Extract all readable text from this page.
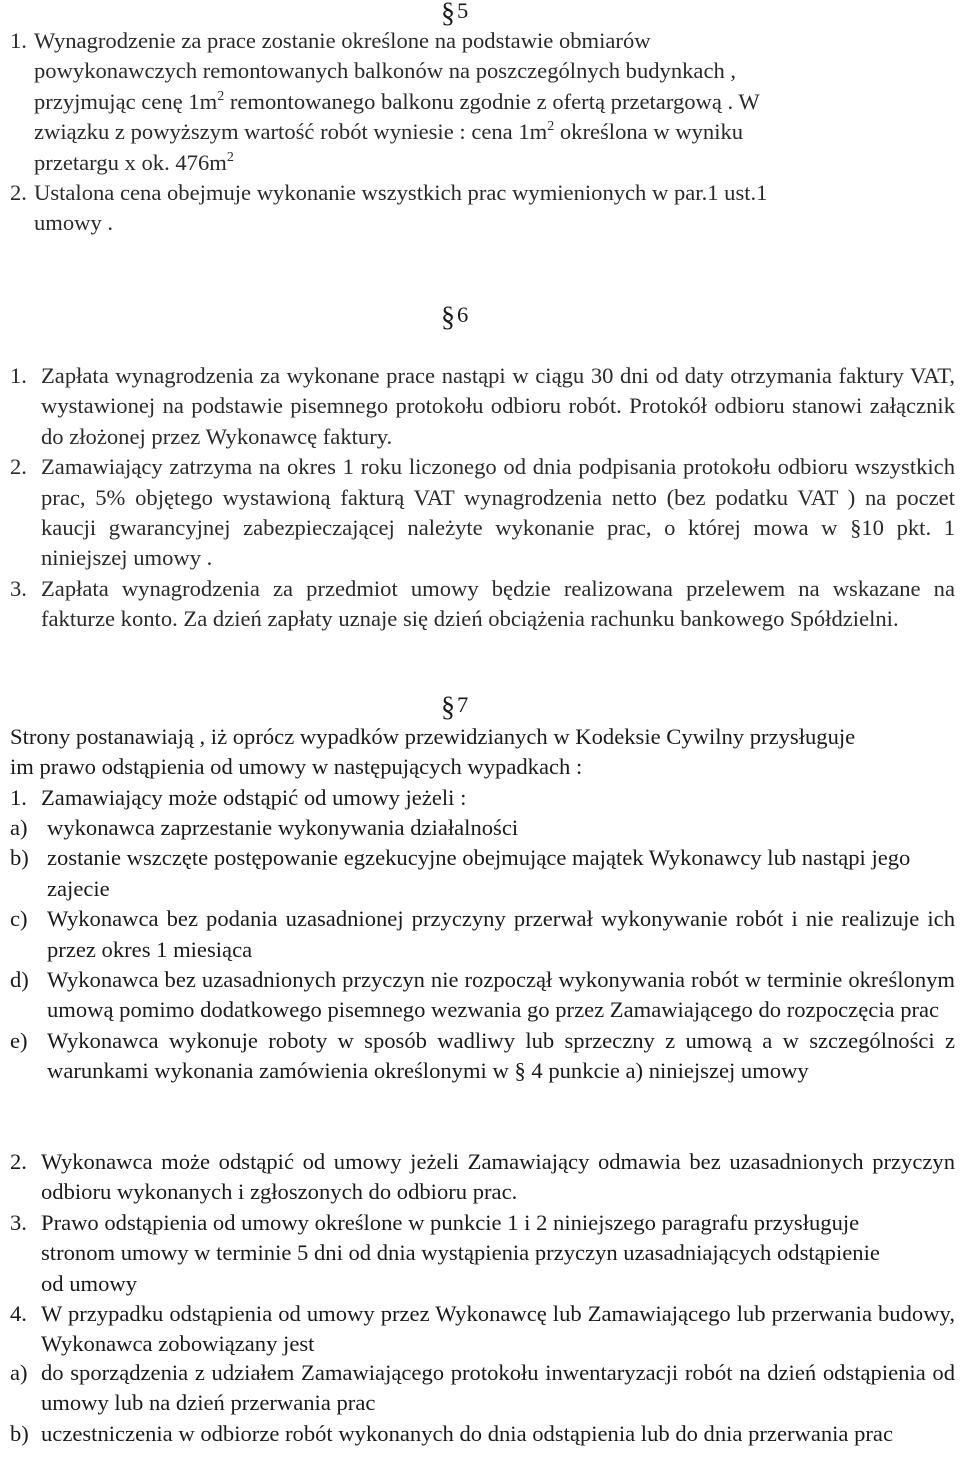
§5
1. Wynagrodzenie za prace zostanie określone na podstawie obmiarów powykonawczych remontowanych balkonów na poszczególnych budynkach , przyjmując cenę $1m^2$ remontowanego balkonu zgodnie z ofertą przetargową . W związku z powyższym wartość robót wyniesie : cena $1m^2$ określona w wyniku przetargu x ok. $476m^2$
2. Ustalona cena obejmuje wykonanie wszystkich prac wymienionych w par.1 ust.1 umowy .
§6
1. Zapłata wynagrodzenia za wykonane prace nastąpi w ciągu 30 dni od daty otrzymania faktury VAT, wystawionej na podstawie pisemnego protokołu odbioru robót. Protokół odbioru stanowi załącznik do złożonej przez Wykonawcę faktury.
2. Zamawiający zatrzyma na okres 1 roku liczonego od dnia podpisania protokołu odbioru wszystkich prac, 5% objętego wystawioną fakturą VAT wynagrodzenia netto (bez podatku VAT ) na poczet kaucji gwarancyjnej zabezpieczającej należyte wykonanie prac, o której mowa w §10 pkt. 1 niniejszej umowy .
3. Zapłata wynagrodzenia za przedmiot umowy będzie realizowana przelewem na wskazane na fakturze konto. Za dzień zapłaty uznaje się dzień obciążenia rachunku bankowego Spółdzielni.
§7
Strony postanawiają , iż oprócz wypadków przewidzianych w Kodeksie Cywilny przysługuje im prawo odstąpienia od umowy w następujących wypadkach :
1. Zamawiający może odstąpić od umowy jeżeli :
a) wykonawca zaprzestanie wykonywania działalności
b) zostanie wszczęte postępowanie egzekucyjne obejmujące majątek Wykonawcy lub nastąpi jego zajecie
c) Wykonawca bez podania uzasadnionej przyczyny przerwał wykonywanie robót i nie realizuje ich przez okres 1 miesiąca
d) Wykonawca bez uzasadnionych przyczyn nie rozpoczął wykonywania robót w terminie określonym umową pomimo dodatkowego pisemnego wezwania go przez Zamawiającego do rozpoczęcia prac
e) Wykonawca wykonuje roboty w sposób wadliwy lub sprzeczny z umową a w szczególności z warunkami wykonania zamówienia określonymi w § 4 punkcie a) niniejszej umowy
2. Wykonawca może odstąpić od umowy jeżeli Zamawiający odmawia bez uzasadnionych przyczyn odbioru wykonanych i zgłoszonych do odbioru prac.
3. Prawo odstąpienia od umowy określone w punkcie 1 i 2 niniejszego paragrafu przysługuje stronom umowy w terminie 5 dni od dnia wystąpienia przyczyn uzasadniających odstąpienie od umowy
4. W przypadku odstąpienia od umowy przez Wykonawcę lub Zamawiającego lub przerwania budowy, Wykonawca zobowiązany jest
a) do sporządzenia z udziałem Zamawiającego protokołu inwentaryzacji robót na dzień odstąpienia od umowy lub na dzień przerwania prac
b) uczestniczenia w odbiorze robót wykonanych do dnia odstąpienia lub do dnia przerwania prac
